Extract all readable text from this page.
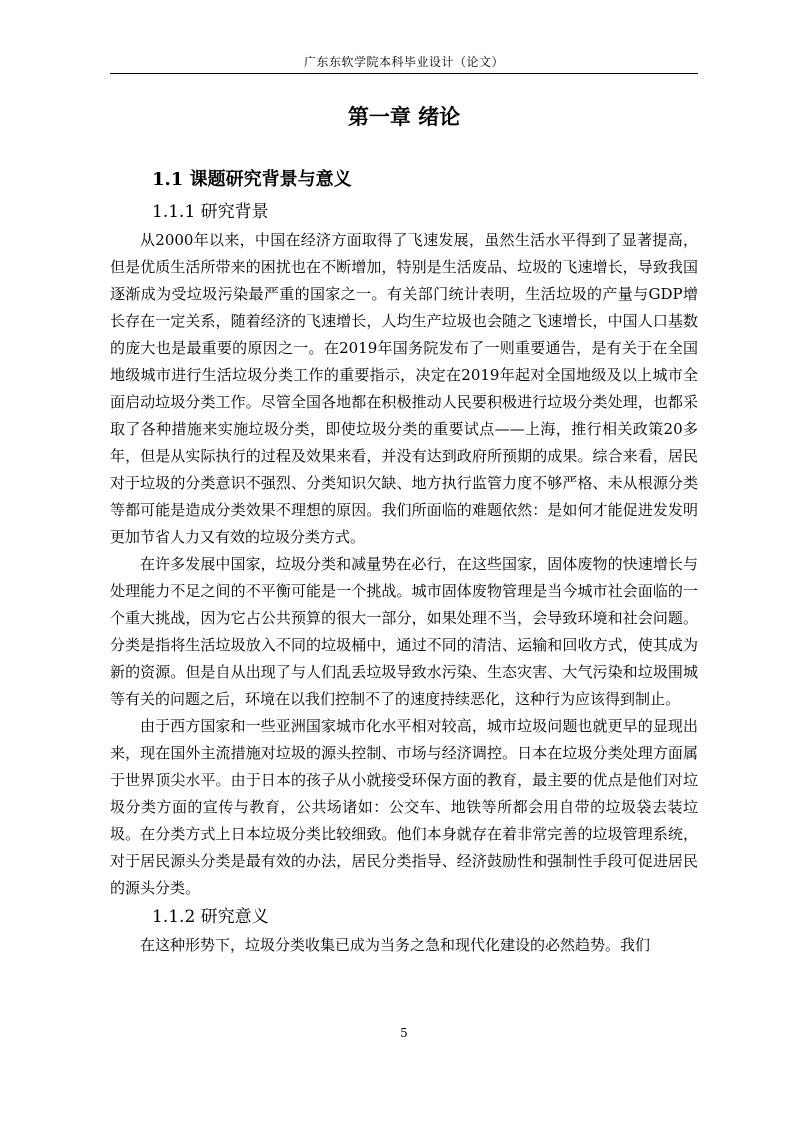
广东东软学院本科毕业设计（论文）
第一章 绪论
1.1 课题研究背景与意义
1.1.1 研究背景

从2000年以来，中国在经济方面取得了飞速发展，虽然生活水平得到了显著提高，但是优质生活所带来的困扰也在不断增加，特别是生活废品、垃圾的飞速增长，导致我国逐渐成为受垃圾污染最严重的国家之一。有关部门统计表明，生活垃圾的产量与GDP增长存在一定关系，随着经济的飞速增长，人均生产垃圾也会随之飞速增长，中国人口基数的庞大也是最重要的原因之一。在2019年国务院发布了一则重要通告，是有关于在全国地级城市进行生活垃圾分类工作的重要指示，决定在2019年起对全国地级及以上城市全面启动垃圾分类工作。尽管全国各地都在积极推动人民要积极进行垃圾分类处理，也都采取了各种措施来实施垃圾分类，即使垃圾分类的重要试点——上海，推行相关政策20多年，但是从实际执行的过程及效果来看，并没有达到政府所预期的成果。综合来看，居民对于垃圾的分类意识不强烈、分类知识欠缺、地方执行监管力度不够严格、未从根源分类等都可能是造成分类效果不理想的原因。我们所面临的难题依然：是如何才能促进发发明更加节省人力又有效的垃圾分类方式。

在许多发展中国家，垃圾分类和减量势在必行，在这些国家，固体废物的快速增长与处理能力不足之间的不平衡可能是一个挑战。城市固体废物管理是当今城市社会面临的一个重大挑战，因为它占公共预算的很大一部分，如果处理不当，会导致环境和社会问题。分类是指将生活垃圾放入不同的垃圾桶中，通过不同的清洁、运输和回收方式，使其成为新的资源。但是自从出现了与人们乱丢垃圾导致水污染、生态灾害、大气污染和垃圾围城等有关的问题之后，环境在以我们控制不了的速度持续恶化，这种行为应该得到制止。

由于西方国家和一些亚洲国家城市化水平相对较高，城市垃圾问题也就更早的显现出来，现在国外主流措施对垃圾的源头控制、市场与经济调控。日本在垃圾分类处理方面属于世界顶尖水平。由于日本的孩子从小就接受环保方面的教育，最主要的优点是他们对垃圾分类方面的宣传与教育，公共场诸如：公交车、地铁等所都会用自带的垃圾袋去装垃圾。在分类方式上日本垃圾分类比较细致。他们本身就存在着非常完善的垃圾管理系统，对于居民源头分类是最有效的办法，居民分类指导、经济鼓励性和强制性手段可促进居民的源头分类。

1.1.2 研究意义

在这种形势下，垃圾分类收集已成为当务之急和现代化建设的必然趋势。我们

5
